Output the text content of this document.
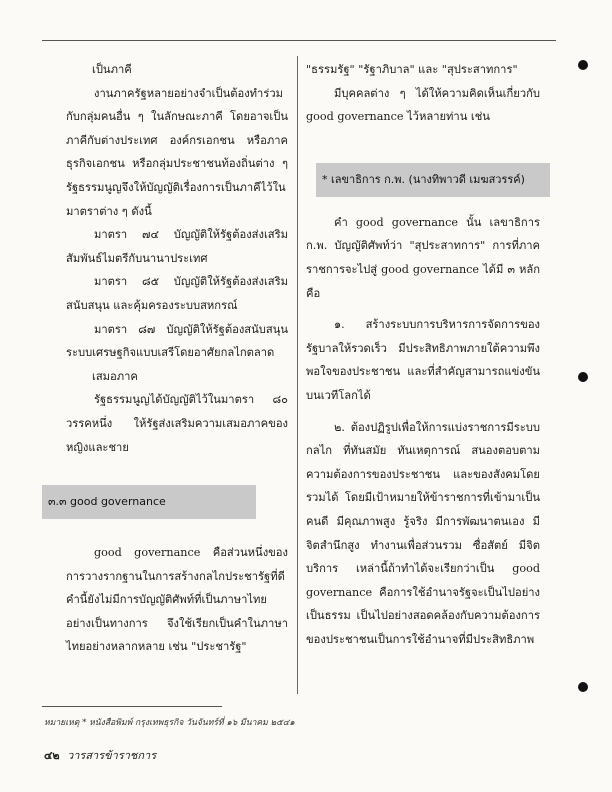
เป็นภาคี

งานภาครัฐหลายอย่างจำเป็นต้องทำร่วมกับกลุ่มคนอื่น ๆ ในลักษณะภาคี โดยอาจเป็นภาคีกับต่างประเทศ องค์กรเอกชน หรือภาคธุรกิจเอกชน หรือกลุ่มประชาชนท้องถิ่นต่าง ๆ รัฐธรรมนูญจึงให้บัญญัติเรื่องการเป็นภาคีไว้ในมาตราต่าง ๆ ดังนี้

มาตรา ๗๔ บัญญัติให้รัฐต้องส่งเสริมสัมพันธ์ไมตรีกับนานาประเทศ

มาตรา ๘๕ บัญญัติให้รัฐต้องส่งเสริมสนับสนุน และคุ้มครองระบบสหกรณ์

มาตรา ๘๗ บัญญัติให้รัฐต้องสนับสนุนระบบเศรษฐกิจแบบเสรีโดยอาศัยกลไกตลาด

เสมอภาค

รัฐธรรมนูญได้บัญญัติไว้ในมาตรา ๘๐ วรรคหนึ่ง ให้รัฐส่งเสริมความเสมอภาคของหญิงและชาย

๓.๓ good governance

good governance คือส่วนหนึ่งของการวางรากฐานในการสร้างกลไกประชารัฐที่ดี คำนี้ยังไม่มีการบัญญัติศัพท์ที่เป็นภาษาไทยอย่างเป็นทางการ จึงใช้เรียกเป็นคำในภาษาไทยอย่างหลากหลาย เช่น "ประชารัฐ"

"ธรรมรัฐ" "รัฐาภิบาล" และ "สุประสาทการ"

มีบุคคลต่าง ๆ ได้ให้ความคิดเห็นเกี่ยวกับ good governance ไว้หลายท่าน เช่น

* เลขาธิการ ก.พ. (นางทิพาวดี เมฆสวรรค์)

คำ good governance นั้น เลขาธิการ ก.พ. บัญญัติศัพท์ว่า "สุประสาทการ" การที่ภาคราชการจะไปสู่ good governance ได้มี ๓ หลัก คือ

๑. สร้างระบบการบริหารการจัดการของรัฐบาลให้รวดเร็ว มีประสิทธิภาพภายใต้ความพึงพอใจของประชาชน และที่สำคัญสามารถแข่งขันบนเวทีโลกได้

๒. ต้องปฏิรูปเพื่อให้การแบ่งราชการมีระบบ กลไก ที่ทันสมัย ทันเหตุการณ์ สนองตอบตามความต้องการของประชาชน และของสังคมโดยรวมได้ โดยมีเป้าหมายให้ข้าราชการที่เข้ามาเป็นคนดี มีคุณภาพสูง รู้จริง มีการพัฒนาตนเอง มีจิตสำนึกสูง ทำงานเพื่อส่วนรวม ซื่อสัตย์ มีจิตบริการ เหล่านี้ถ้าทำได้จะเรียกว่าเป็น good governance คือการใช้อำนาจรัฐจะเป็นไปอย่างเป็นธรรม เป็นไปอย่างสอดคล้องกับความต้องการของประชาชนเป็นการใช้อำนาจที่มีประสิทธิภาพ

หมายเหตุ * หนังสือพิมพ์ กรุงเทพธุรกิจ วันจันทร์ที่ ๑๖ มีนาคม ๒๕๔๑
๔๒ วารสารข้าราชการ
